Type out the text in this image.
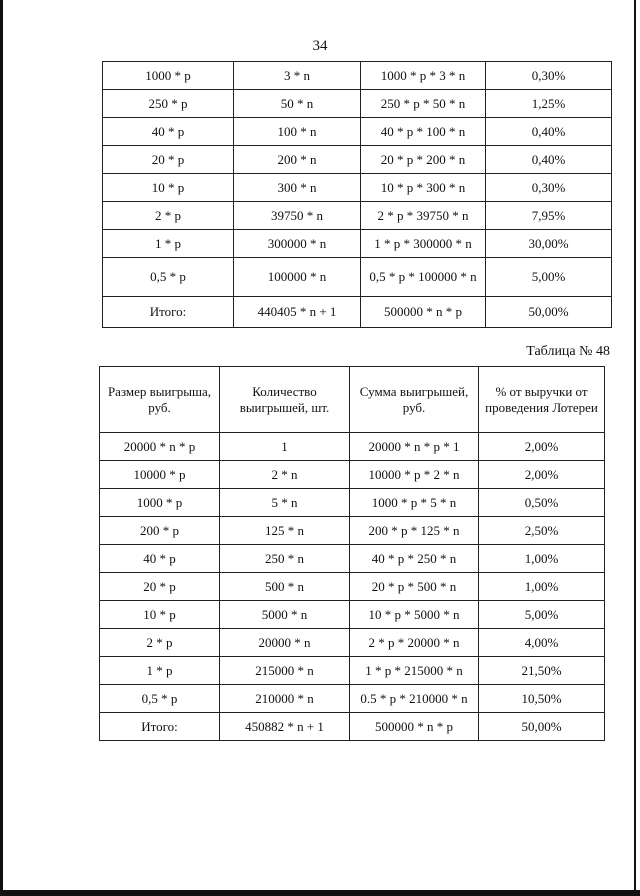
34
1000 * p	3 * n	1000 * p * 3 * n	0,30%
250 * p	50 * n	250 * p * 50 * n	1,25%
40 * p	100 * n	40 * p * 100 * n	0,40%
20 * p	200 * n	20 * p * 200 * n	0,40%
10 * p	300 * n	10 * p * 300 * n	0,30%
2 * p	39750 * n	2 * p * 39750 * n	7,95%
1 * p	300000 * n	1 * p * 300000 * n	30,00%
0,5 * p	100000 * n	0,5 * p * 100000 * n	5,00%
Итого:	440405 * n + 1	500000 * n * p	50,00%
Таблица № 48
Размер выигрыша, руб.	Количество выигрышей, шт.	Сумма выигрышей, руб.	% от выручки от проведения Лотереи
20000 * n * p	1	20000 * n * p * 1	2,00%
10000 * p	2 * n	10000 * p * 2 * n	2,00%
1000 * p	5 * n	1000 * p * 5 * n	0,50%
200 * p	125 * n	200 * p * 125 * n	2,50%
40 * p	250 * n	40 * p * 250 * n	1,00%
20 * p	500 * n	20 * p * 500 * n	1,00%
10 * p	5000 * n	10 * p * 5000 * n	5,00%
2 * p	20000 * n	2 * p * 20000 * n	4,00%
1 * p	215000 * n	1 * p * 215000 * n	21,50%
0,5 * p	210000 * n	0.5 * p * 210000 * n	10,50%
Итого:	450882 * n + 1	500000 * n * p	50,00%
